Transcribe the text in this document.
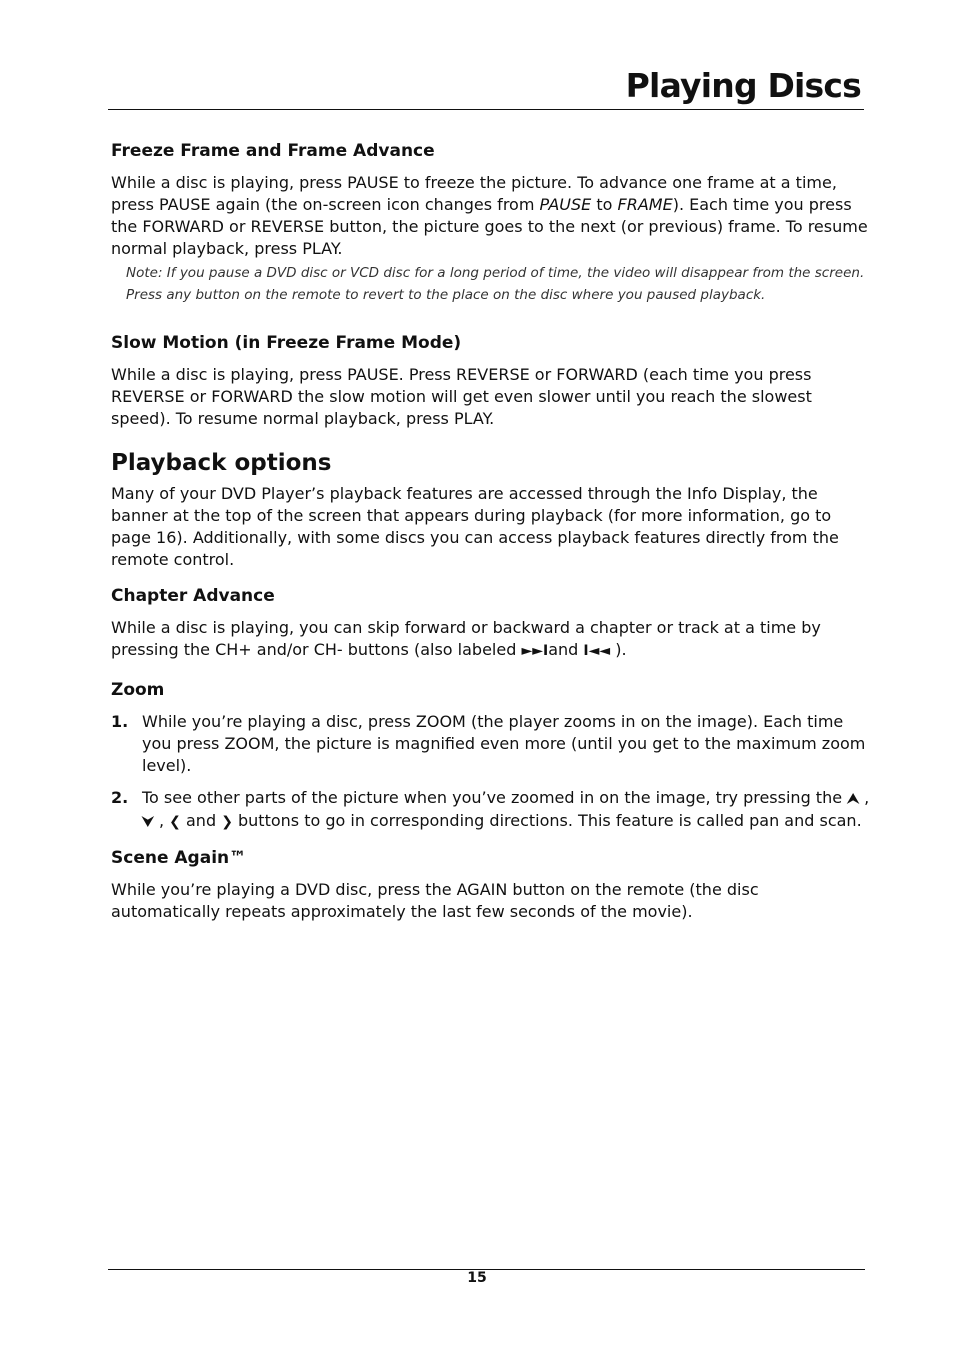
Playing Discs
Freeze Frame and Frame Advance

While a disc is playing, press PAUSE to freeze the picture. To advance one frame at a time, press PAUSE again (the on-screen icon changes from PAUSE to FRAME). Each time you press the FORWARD or REVERSE button, the picture goes to the next (or previous) frame. To resume normal playback, press PLAY.

Note: If you pause a DVD disc or VCD disc for a long period of time, the video will disappear from the screen. Press any button on the remote to revert to the place on the disc where you paused playback.

Slow Motion (in Freeze Frame Mode)

While a disc is playing, press PAUSE. Press REVERSE or FORWARD (each time you press REVERSE or FORWARD the slow motion will get even slower until you reach the slowest speed). To resume normal playback, press PLAY.

Playback options

Many of your DVD Player’s playback features are accessed through the Info Display, the banner at the top of the screen that appears during playback (for more information, go to page 16). Additionally, with some discs you can access playback features directly from the remote control.

Chapter Advance

While a disc is playing, you can skip forward or backward a chapter or track at a time by pressing the CH+ and/or CH- buttons (also labeled ►►Iand I◄◄ ).

Zoom
1. While you’re playing a disc, press ZOOM (the player zooms in on the image). Each time you press ZOOM, the picture is magnified even more (until you get to the maximum zoom level).
2. To see other parts of the picture when you’ve zoomed in on the image, try pressing the ⮝ , ⮟ , ❮ and ❯ buttons to go in corresponding directions. This feature is called pan and scan.
Scene Again™

While you’re playing a DVD disc, press the AGAIN button on the remote (the disc automatically repeats approximately the last few seconds of the movie).

15
